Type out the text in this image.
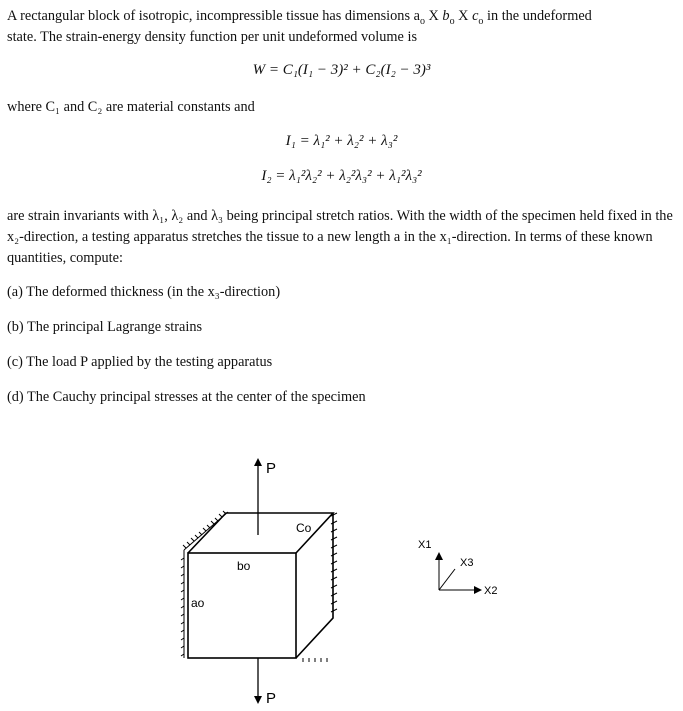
A rectangular block of isotropic, incompressible tissue has dimensions $a_o$ X $b_o$ X $c_o$ in the undeformed
state. The strain-energy density function per unit undeformed volume is

W = C₁(I₁ − 3)² + C₂(I₂ − 3)³

where C₁ and C₂ are material constants and

I₁ = λ₁² + λ₂² + λ₃²
I₂ = λ₁²λ₂² + λ₂²λ₃² + λ₁²λ₃²

are strain invariants with λ₁, λ₂ and λ₃ being principal stretch ratios. With the width of the specimen held fixed in the x₂-direction, a testing apparatus stretches the tissue to a new length a in the x₁-direction. In terms of these known quantities, compute:

(a) The deformed thickness (in the x₃-direction)

(b) The principal Lagrange strains

(c) The load P applied by the testing apparatus

(d) The Cauchy principal stresses at the center of the specimen

P
P
Co
bo
ao
X1
X3
X2
